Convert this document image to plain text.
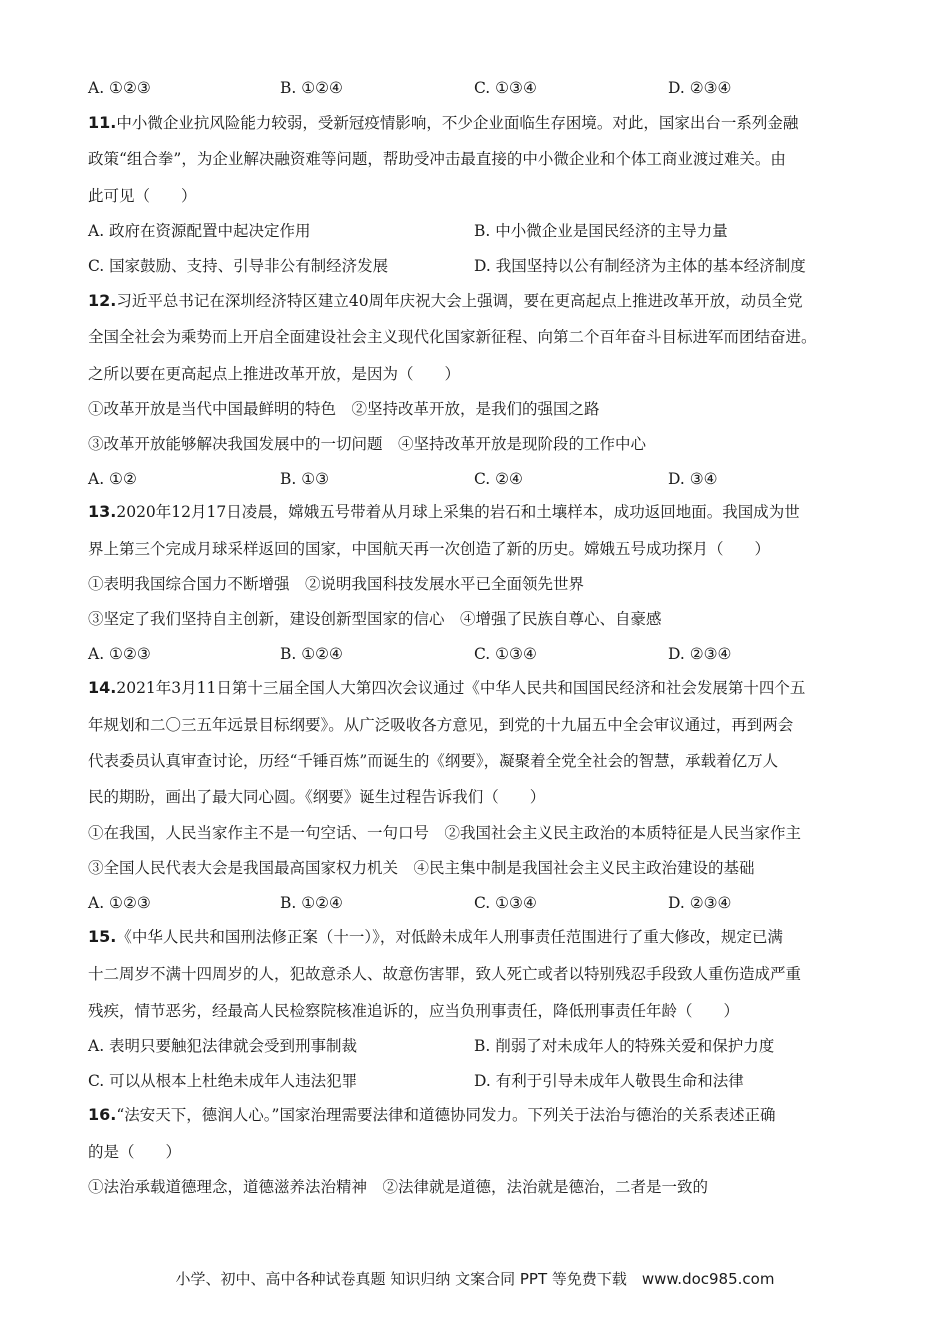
A. ①②③	B. ①②④	C. ①③④	D. ②③④
11.中小微企业抗风险能力较弱，受新冠疫情影响，不少企业面临生存困境。对此，国家出台一系列金融
政策“组合拳”，为企业解决融资难等问题，帮助受冲击最直接的中小微企业和个体工商业渡过难关。由
此可见（　　）
A. 政府在资源配置中起决定作用	B. 中小微企业是国民经济的主导力量
C. 国家鼓励、支持、引导非公有制经济发展	D. 我国坚持以公有制经济为主体的基本经济制度
12.习近平总书记在深圳经济特区建立40周年庆祝大会上强调，要在更高起点上推进改革开放，动员全党
全国全社会为乘势而上开启全面建设社会主义现代化国家新征程、向第二个百年奋斗目标进军而团结奋进。
之所以要在更高起点上推进改革开放，是因为（　　）
①改革开放是当代中国最鲜明的特色　②坚持改革开放，是我们的强国之路
③改革开放能够解决我国发展中的一切问题　④坚持改革开放是现阶段的工作中心
A. ①②	B. ①③	C. ②④	D. ③④
13.2020年12月17日凌晨，嫦娥五号带着从月球上采集的岩石和土壤样本，成功返回地面。我国成为世
界上第三个完成月球采样返回的国家，中国航天再一次创造了新的历史。嫦娥五号成功探月（　　）
①表明我国综合国力不断增强　②说明我国科技发展水平已全面领先世界
③坚定了我们坚持自主创新，建设创新型国家的信心　④增强了民族自尊心、自豪感
A. ①②③	B. ①②④	C. ①③④	D. ②③④
14.2021年3月11日第十三届全国人大第四次会议通过《中华人民共和国国民经济和社会发展第十四个五
年规划和二〇三五年远景目标纲要》。从广泛吸收各方意见，到党的十九届五中全会审议通过，再到两会
代表委员认真审查讨论，历经“千锤百炼”而诞生的《纲要》，凝聚着全党全社会的智慧，承载着亿万人
民的期盼，画出了最大同心圆。《纲要》诞生过程告诉我们（　　）
①在我国，人民当家作主不是一句空话、一句口号　②我国社会主义民主政治的本质特征是人民当家作主
③全国人民代表大会是我国最高国家权力机关　④民主集中制是我国社会主义民主政治建设的基础
A. ①②③	B. ①②④	C. ①③④	D. ②③④
15.《中华人民共和国刑法修正案（十一）》，对低龄未成年人刑事责任范围进行了重大修改，规定已满
十二周岁不满十四周岁的人，犯故意杀人、故意伤害罪，致人死亡或者以特别残忍手段致人重伤造成严重
残疾，情节恶劣，经最高人民检察院核准追诉的，应当负刑事责任，降低刑事责任年龄（　　）
A. 表明只要触犯法律就会受到刑事制裁	B. 削弱了对未成年人的特殊关爱和保护力度
C. 可以从根本上杜绝未成年人违法犯罪	D. 有利于引导未成年人敬畏生命和法律
16.“法安天下，德润人心。”国家治理需要法律和道德协同发力。下列关于法治与德治的关系表述正确
的是（　　）
①法治承载道德理念，道德滋养法治精神　②法律就是道德，法治就是德治，二者是一致的
小学、初中、高中各种试卷真题 知识归纳 文案合同 PPT 等免费下载　www.doc985.com
